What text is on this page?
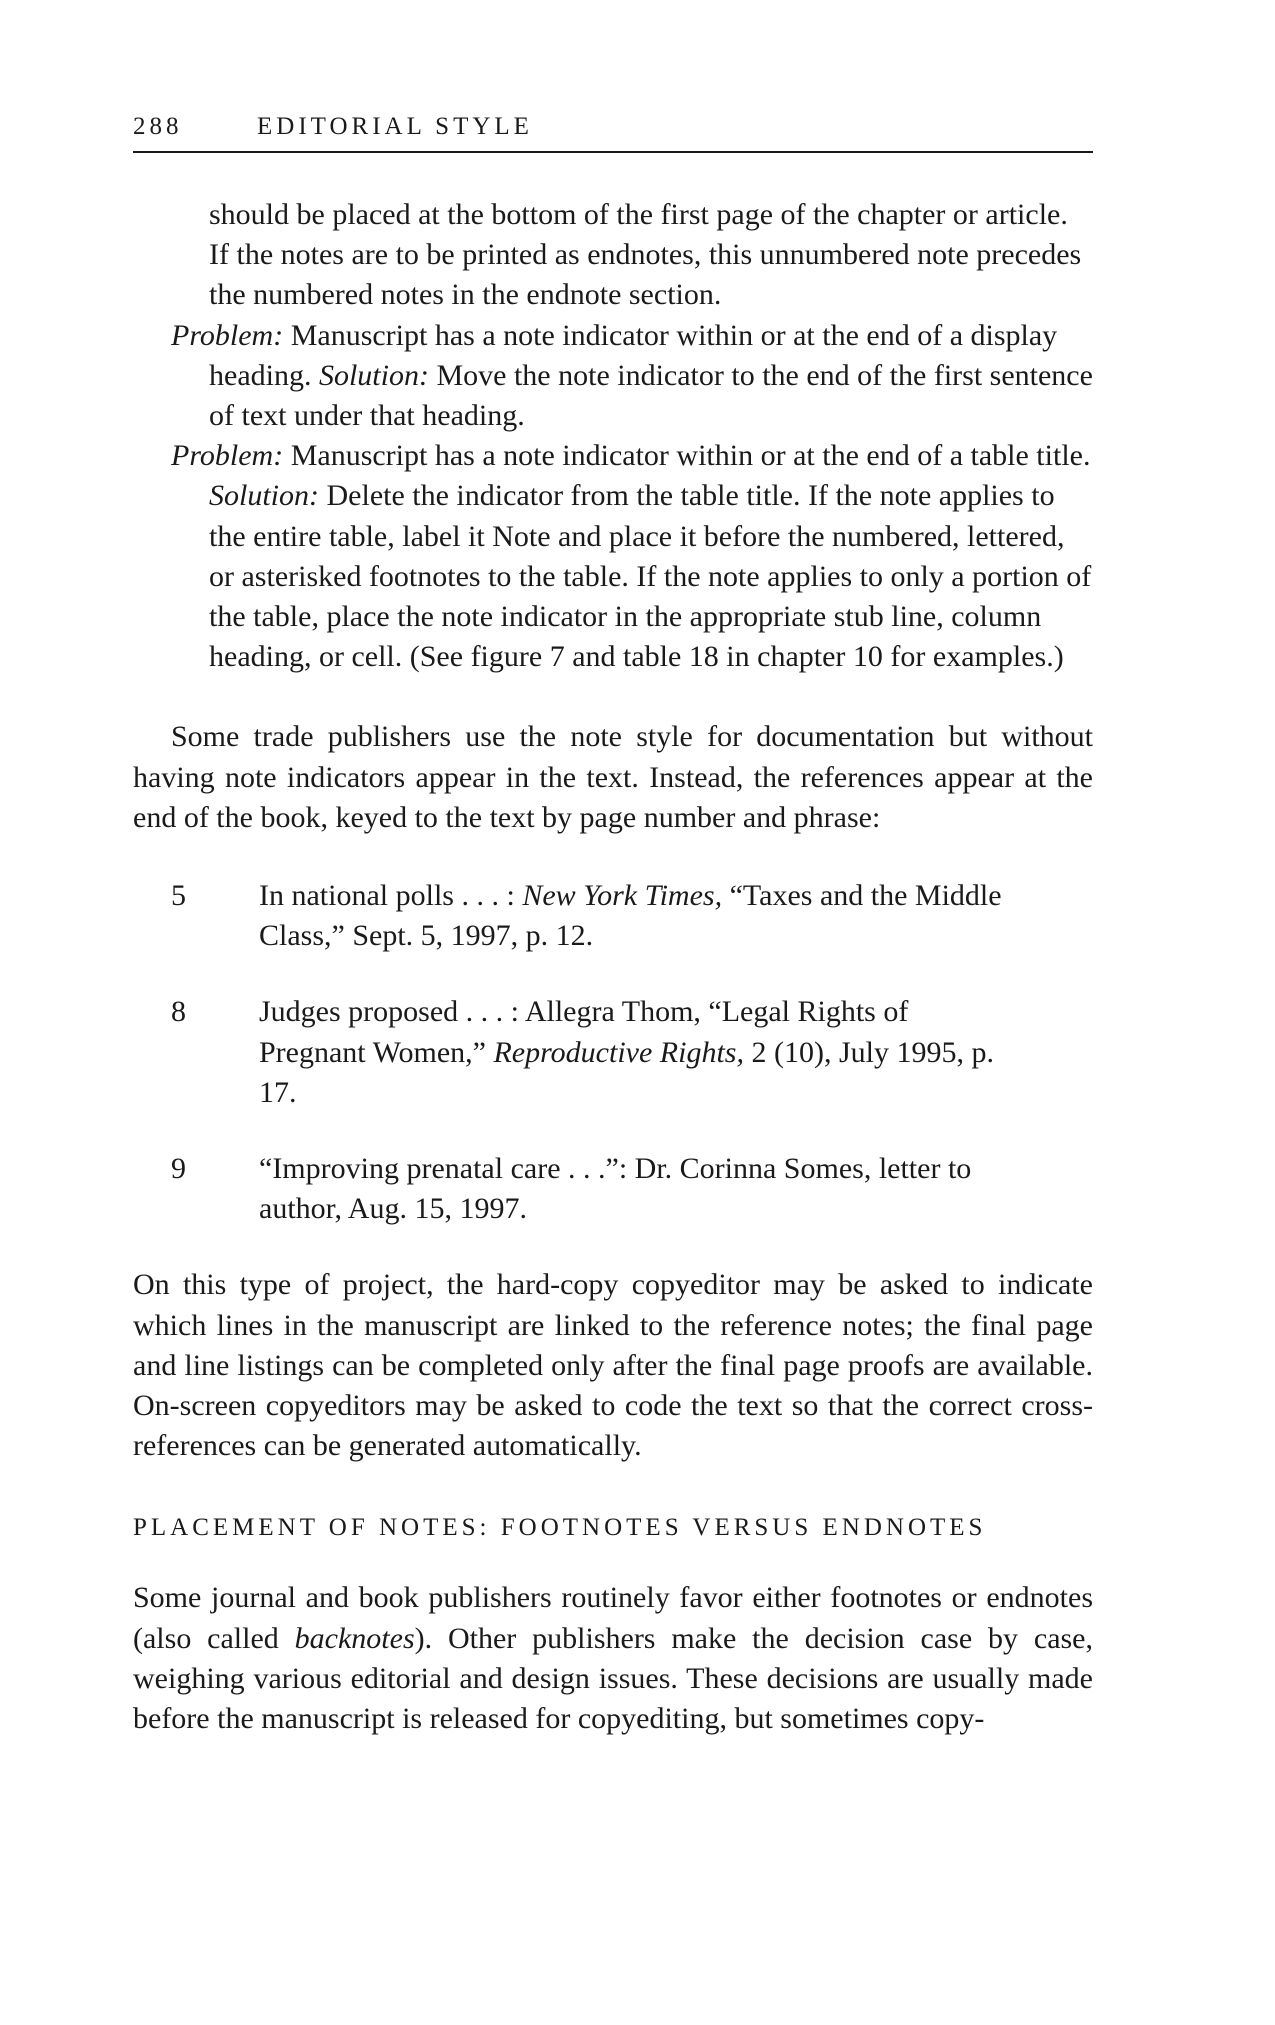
288	EDITORIAL STYLE

should be placed at the bottom of the first page of the chapter or article. If the notes are to be printed as endnotes, this unnumbered note precedes the numbered notes in the endnote section.

Problem: Manuscript has a note indicator within or at the end of a display heading. Solution: Move the note indicator to the end of the first sentence of text under that heading.

Problem: Manuscript has a note indicator within or at the end of a table title. Solution: Delete the indicator from the table title. If the note applies to the entire table, label it Note and place it before the numbered, lettered, or asterisked footnotes to the table. If the note applies to only a portion of the table, place the note indicator in the appropriate stub line, column heading, or cell. (See figure 7 and table 18 in chapter 10 for examples.)

Some trade publishers use the note style for documentation but without having note indicators appear in the text. Instead, the references appear at the end of the book, keyed to the text by page number and phrase:

5	In national polls . . . : New York Times, “Taxes and the Middle Class,” Sept. 5, 1997, p. 12.
8	Judges proposed . . . : Allegra Thom, “Legal Rights of Pregnant Women,” Reproductive Rights, 2 (10), July 1995, p. 17.
9	“Improving prenatal care . . .”: Dr. Corinna Somes, letter to author, Aug. 15, 1997.

On this type of project, the hard-copy copyeditor may be asked to indicate which lines in the manuscript are linked to the reference notes; the final page and line listings can be completed only after the final page proofs are available. On-screen copyeditors may be asked to code the text so that the correct cross-references can be generated automatically.

PLACEMENT OF NOTES: FOOTNOTES VERSUS ENDNOTES

Some journal and book publishers routinely favor either footnotes or endnotes (also called backnotes). Other publishers make the decision case by case, weighing various editorial and design issues. These decisions are usually made before the manuscript is released for copyediting, but sometimes copy-
